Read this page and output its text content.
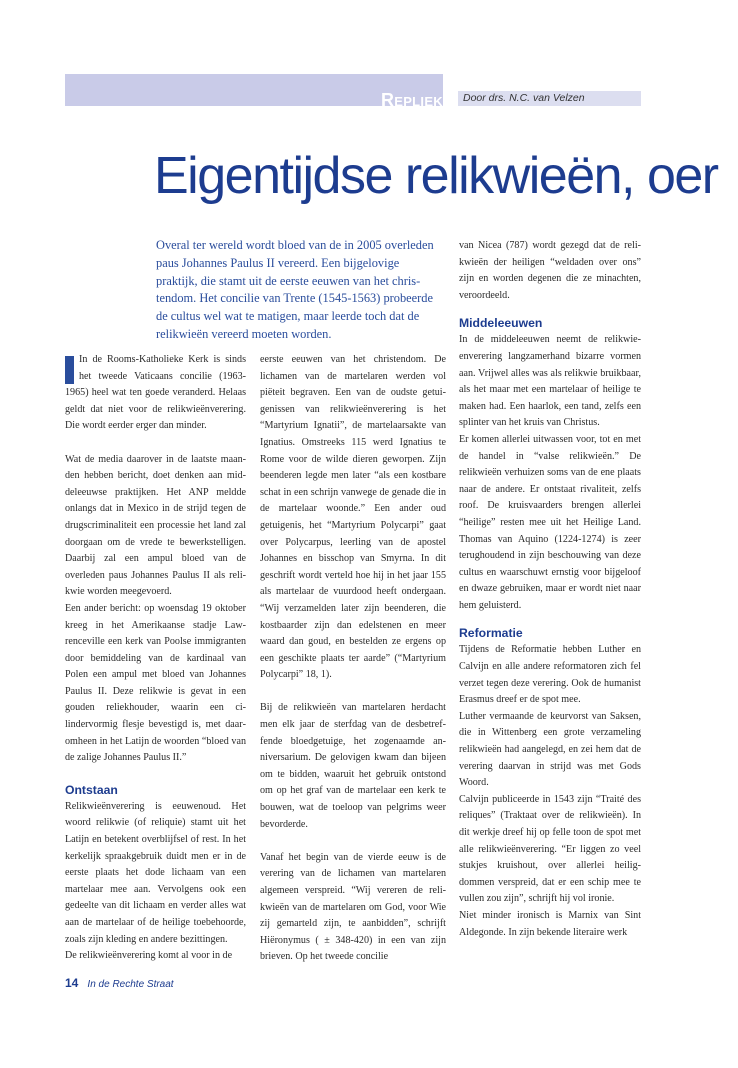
Repliek Door drs. N.C. van Velzen
Eigentijdse relikwieën, oer
Overal ter wereld wordt bloed van de in 2005 overleden paus Johannes Paulus II vereerd. Een bijgelovige praktijk, die stamt uit de eerste eeuwen van het christendom. Het concilie van Trente (1545-1563) probeerde de cultus wel wat te matigen, maar leerde toch dat de relikwieën vereerd moeten worden.

In de Rooms-Katholieke Kerk is sinds het tweede Vaticaans concilie (1963-1965) heel wat ten goede veranderd. Helaas geldt dat niet voor de relikwieënverering. Die wordt eerder erger dan minder.

Wat de media daarover in de laatste maanden hebben bericht, doet denken aan middeleeuwse praktijken. Het ANP meldde onlangs dat in Mexico in de strijd tegen de drugscriminaliteit een processie het land zal doorgaan om de vrede te bewerkstelligen. Daarbij zal een ampul bloed van de overleden paus Johannes Paulus II als relikwie worden meegevoerd.

Een ander bericht: op woensdag 19 oktober kreeg in het Amerikaanse stadje Lawrenceville een kerk van Poolse immigranten door bemiddeling van de kardinaal van Polen een ampul met bloed van Johannes Paulus II. Deze relikwie is gevat in een gouden reliekhouder, waarin een cilindervormig flesje bevestigd is, met daaromheen in het Latijn de woorden “bloed van de zalige Johannes Paulus II.”

Ontstaan

Relikwieënverering is eeuwenoud. Het woord relikwie (of reliquie) stamt uit het Latijn en betekent overblijfsel of rest. In het kerkelijk spraakgebruik duidt men er in de eerste plaats het dode lichaam van een martelaar mee aan. Vervolgens ook een gedeelte van dit lichaam en verder alles wat aan de martelaar of de heilige toebehoorde, zoals zijn kleding en andere bezittingen.

De relikwieënverering komt al voor in de

eerste eeuwen van het christendom. De lichamen van de martelaren werden vol piëteit begraven. Een van de oudste getuigenissen van relikwieënverering is het “Martyrium Ignatii”, de martelaarsakte van Ignatius. Omstreeks 115 werd Ignatius te Rome voor de wilde dieren geworpen. Zijn beenderen legde men later “als een kostbare schat in een schrijn vanwege de genade die in de martelaar woonde.” Een ander oud getuigenis, het “Martyrium Polycarpi” gaat over Polycarpus, leerling van de apostel Johannes en bisschop van Smyrna. In dit geschrift wordt verteld hoe hij in het jaar 155 als martelaar de vuurdood heeft ondergaan. “Wij verzamelden later zijn beenderen, die kostbaarder zijn dan edelstenen en meer waard dan goud, en bestelden ze ergens op een geschikte plaats ter aarde” (“Martyrium Polycarpi” 18, 1).

Bij de relikwieën van martelaren herdacht men elk jaar de sterfdag van de desbetreffende bloedgetuige, het zogenaamde anniversarium. De gelovigen kwam dan bijeen om te bidden, waaruit het gebruik ontstond om op het graf van de martelaar een kerk te bouwen, wat de toeloop van pelgrims weer bevorderde.

Vanaf het begin van de vierde eeuw is de verering van de lichamen van martelaren algemeen verspreid. “Wij vereren de relikwieën van de martelaren om God, voor Wie zij gemarteld zijn, te aanbidden”, schrijft Hiëronymus ( ± 348-420) in een van zijn brieven. Op het tweede concilie

van Nicea (787) wordt gezegd dat de relikwieën der heiligen “weldaden over ons” zijn en worden degenen die ze minachten, veroordeeld.

Middeleeuwen

In de middeleeuwen neemt de relikwieenverering langzamerhand bizarre vormen aan. Vrijwel alles was als relikwie bruikbaar, als het maar met een martelaar of heilige te maken had. Een haarlok, een tand, zelfs een splinter van het kruis van Christus.

Er komen allerlei uitwassen voor, tot en met de handel in “valse relikwieën.” De relikwieën verhuizen soms van de ene plaats naar de andere. Er ontstaat rivaliteit, zelfs roof. De kruisvaarders brengen allerlei “heilige” resten mee uit het Heilige Land. Thomas van Aquino (1224-1274) is zeer terughoudend in zijn beschouwing van deze cultus en waarschuwt ernstig voor bijgeloof en dwaze gebruiken, maar er wordt niet naar hem geluisterd.

Reformatie

Tijdens de Reformatie hebben Luther en Calvijn en alle andere reformatoren zich fel verzet tegen deze verering. Ook de humanist Erasmus dreef er de spot mee.

Luther vermaande de keurvorst van Saksen, die in Wittenberg een grote verzameling relikwieën had aangelegd, en zei hem dat de verering daarvan in strijd was met Gods Woord.

Calvijn publiceerde in 1543 zijn “Traité des reliques” (Traktaat over de relikwieën). In dit werkje dreef hij op felle toon de spot met alle relikwieënverering. “Er liggen zo veel stukjes kruishout, over allerlei heiligdommen verspreid, dat er een schip mee te vullen zou zijn”, schrijft hij vol ironie.

Niet minder ironisch is Marnix van Sint Aldegonde. In zijn bekende literaire werk

14 In de Rechte Straat
